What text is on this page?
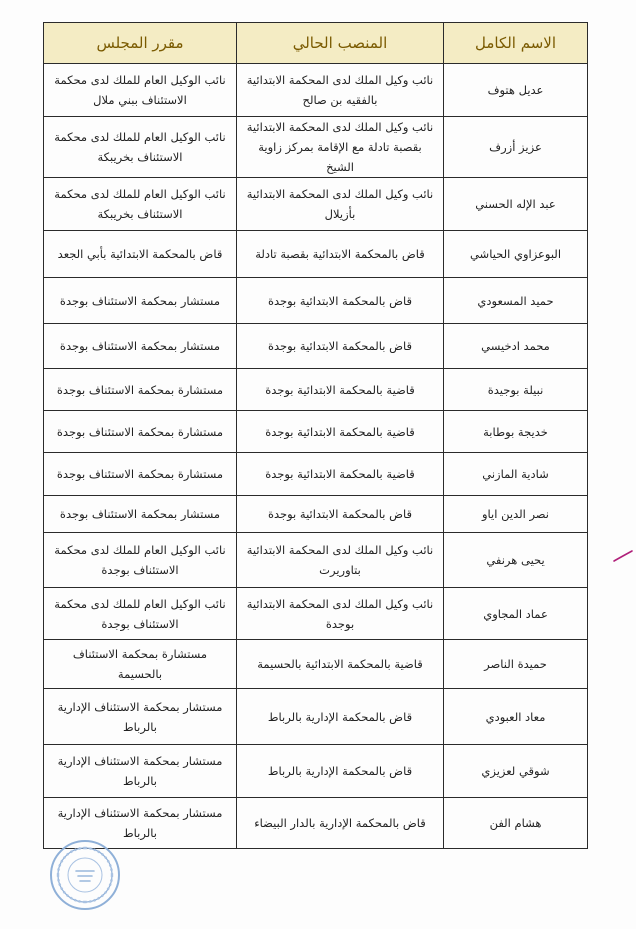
الاسم الكامل	المنصب الحالي	مقرر المجلس
عديل هتوف	نائب وكيل الملك لدى المحكمة الابتدائية بالفقيه بن صالح	نائب الوكيل العام للملك لدى محكمة الاستئناف ببني ملال
عزيز أزرف	نائب وكيل الملك لدى المحكمة الابتدائية بقصبة تادلة مع الإقامة بمركز زاوية الشيخ	نائب الوكيل العام للملك لدى محكمة الاستئناف بخريبكة
عبد الإله الحسني	نائب وكيل الملك لدى المحكمة الابتدائية بأزيلال	نائب الوكيل العام للملك لدى محكمة الاستئناف بخريبكة
البوعزاوي الحياشي	قاض بالمحكمة الابتدائية بقصبة تادلة	قاض بالمحكمة الابتدائية بأبي الجعد
حميد المسعودي	قاض بالمحكمة الابتدائية بوجدة	مستشار بمحكمة الاستئناف بوجدة
محمد ادخيسي	قاض بالمحكمة الابتدائية بوجدة	مستشار بمحكمة الاستئناف بوجدة
نبيلة بوجيدة	قاضية بالمحكمة الابتدائية بوجدة	مستشارة بمحكمة الاستئناف بوجدة
خديجة بوطابة	قاضية بالمحكمة الابتدائية بوجدة	مستشارة بمحكمة الاستئناف بوجدة
شادية المازني	قاضية بالمحكمة الابتدائية بوجدة	مستشارة بمحكمة الاستئناف بوجدة
نصر الدين اياو	قاض بالمحكمة الابتدائية بوجدة	مستشار بمحكمة الاستئناف بوجدة
يحيى هرنفي	نائب وكيل الملك لدى المحكمة الابتدائية بتاوريرت	نائب الوكيل العام للملك لدى محكمة الاستئناف بوجدة
عماد المجاوي	نائب وكيل الملك لدى المحكمة الابتدائية بوجدة	نائب الوكيل العام للملك لدى محكمة الاستئناف بوجدة
حميدة الناصر	قاضية بالمحكمة الابتدائية بالحسيمة	مستشارة بمحكمة الاستئناف بالحسيمة
معاد العبودي	قاض بالمحكمة الإدارية بالرباط	مستشار بمحكمة الاستئناف الإدارية بالرباط
شوقي لعزيزي	قاض بالمحكمة الإدارية بالرباط	مستشار بمحكمة الاستئناف الإدارية بالرباط
هشام الفن	قاض بالمحكمة الإدارية بالدار البيضاء	مستشار بمحكمة الاستئناف الإدارية بالرباط
